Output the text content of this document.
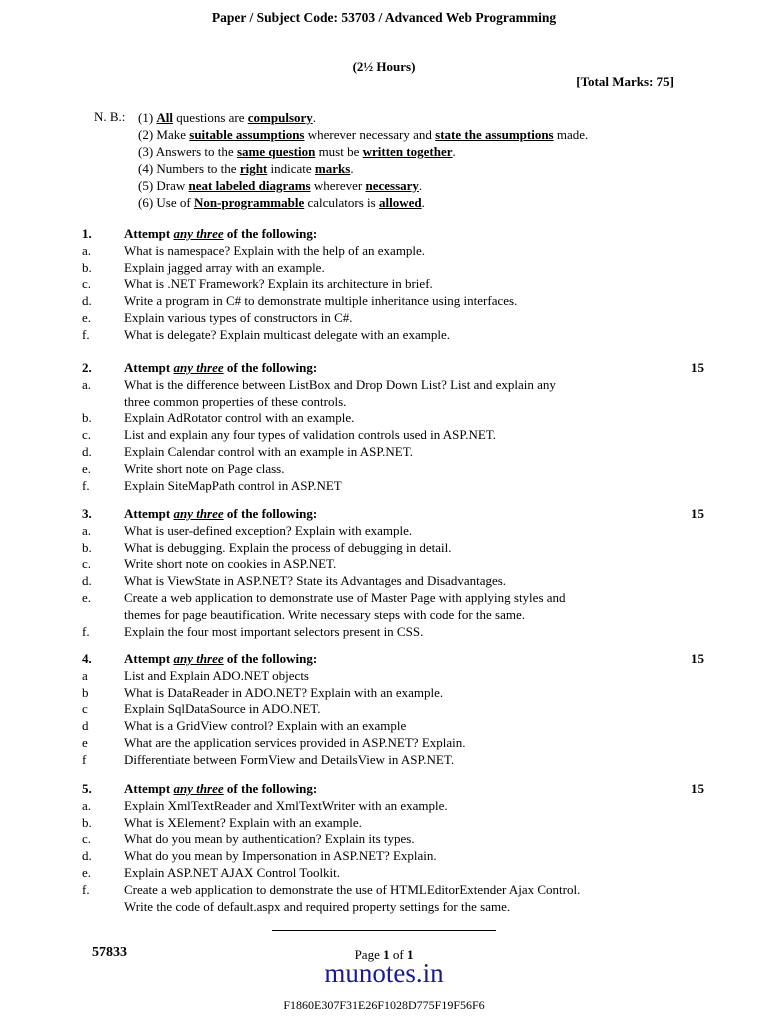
Paper / Subject Code: 53703 / Advanced Web Programming
(2½ Hours)
[Total Marks: 75]
N. B.: (1) All questions are compulsory.
(2) Make suitable assumptions wherever necessary and state the assumptions made.
(3) Answers to the same question must be written together.
(4) Numbers to the right indicate marks.
(5) Draw neat labeled diagrams wherever necessary.
(6) Use of Non-programmable calculators is allowed.
1. Attempt any three of the following:
a.	What is namespace? Explain with the help of an example.
b. Explain jagged array with an example.
c.	What is .NET Framework? Explain its architecture in brief.
d. Write a program in C# to demonstrate multiple inheritance using interfaces.
e.	Explain various types of constructors in C#.
f.	What is delegate? Explain multicast delegate with an example.
2. Attempt any three of the following:	15
a.	What is the difference between ListBox and Drop Down List? List and explain any
three common properties of these controls.
b. Explain AdRotator control with an example.
c.	List and explain any four types of validation controls used in ASP.NET.
d. Explain Calendar control with an example in ASP.NET.
e.	Write short note on Page class.
f.	Explain SiteMapPath control in ASP.NET
3. Attempt any three of the following:	15
a.	What is user-defined exception? Explain with example.
b. What is debugging. Explain the process of debugging in detail.
c.	Write short note on cookies in ASP.NET.
d. What is ViewState in ASP.NET? State its Advantages and Disadvantages.
e.	Create a web application to demonstrate use of Master Page with applying styles and
themes for page beautification. Write necessary steps with code for the same.
f.	Explain the four most important selectors present in CSS.
4. Attempt any three of the following:	15
a	List and Explain ADO.NET objects
b	What is DataReader in ADO.NET? Explain with an example.
c	Explain SqlDataSource in ADO.NET.
d	What is a GridView control? Explain with an example
e	What are the application services provided in ASP.NET? Explain.
f	Differentiate between FormView and DetailsView in ASP.NET.
5. Attempt any three of the following:	15
a.	Explain XmlTextReader and XmlTextWriter with an example.
b. What is XElement? Explain with an example.
c.	What do you mean by authentication? Explain its types.
d. What do you mean by Impersonation in ASP.NET? Explain.
e.	Explain ASP.NET AJAX Control Toolkit.
f.	Create a web application to demonstrate the use of HTMLEditorExtender Ajax Control.
Write the code of default.aspx and required property settings for the same.
57833	Page 1 of 1
munotes.in
F1860E307F31E26F1028D775F19F56F6
